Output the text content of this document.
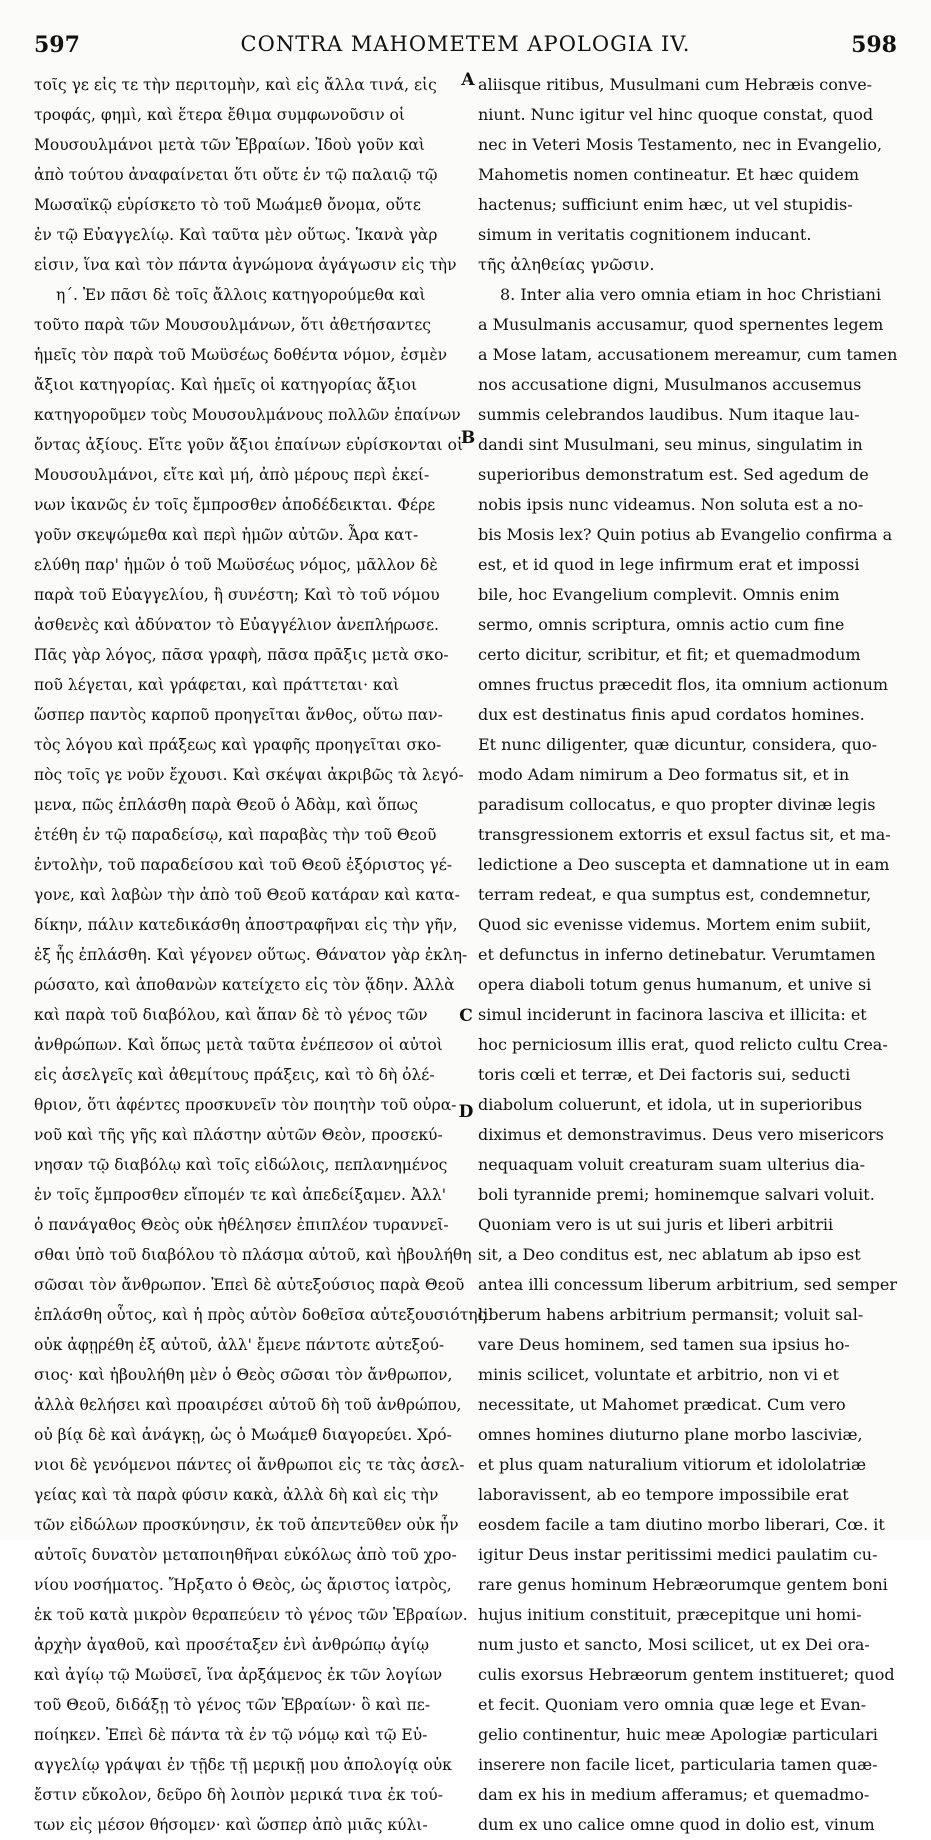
597	CONTRA MAHOMETEM APOLOGIA IV.	598
τοῖς γε εἰς τε τὴν περιτομὴν, καὶ εἰς ἄλλα τινά, εἰς
τροφάς, φημὶ, καὶ ἕτερα ἔθιμα συμφωνοῦσιν οἱ
Μουσουλμάνοι μετὰ τῶν Ἑβραίων. Ἰδοὺ γοῦν καὶ
ἀπὸ τούτου ἀναφαίνεται ὅτι οὔτε ἐν τῷ παλαιῷ τῷ
Μωσαϊκῷ εὑρίσκετο τὸ τοῦ Μωάμεθ ὄνομα, οὔτε
ἐν τῷ Εὐαγγελίῳ. Καὶ ταῦτα μὲν οὕτως. Ἱκανὰ γὰρ
εἰσιν, ἵνα καὶ τὸν πάντα ἀγνώμονα ἀγάγωσιν εἰς τὴν
η΄. Ἐν πᾶσι δὲ τοῖς ἄλλοις κατηγορούμεθα καὶ
τοῦτο παρὰ τῶν Μουσουλμάνων, ὅτι ἀθετήσαντες
ἡμεῖς τὸν παρὰ τοῦ Μωϋσέως δοθέντα νόμον, ἐσμὲν
ἄξιοι κατηγορίας. Καὶ ἡμεῖς οἱ κατηγορίας ἄξιοι
κατηγοροῦμεν τοὺς Μουσουλμάνους πολλῶν ἐπαίνων
ὄντας ἀξίους. Εἴτε γοῦν ἄξιοι ἐπαίνων εὑρίσκονται οἱ
Μουσουλμάνοι, εἴτε καὶ μή, ἀπὸ μέρους περὶ ἐκεί-
νων ἱκανῶς ἐν τοῖς ἔμπροσθεν ἀποδέδεικται. Φέρε
γοῦν σκεψώμεθα καὶ περὶ ἡμῶν αὐτῶν. Ἆρα κατ-
ελύθη παρ' ἡμῶν ὁ τοῦ Μωϋσέως νόμος, μᾶλλον δὲ
παρὰ τοῦ Εὐαγγελίου, ἢ συνέστη; Καὶ τὸ τοῦ νόμου
ἀσθενὲς καὶ ἀδύνατον τὸ Εὐαγγέλιον ἀνεπλήρωσε.
Πᾶς γὰρ λόγος, πᾶσα γραφὴ, πᾶσα πρᾶξις μετὰ σκο-
ποῦ λέγεται, καὶ γράφεται, καὶ πράττεται· καὶ
ὥσπερ παντὸς καρποῦ προηγεῖται ἄνθος, οὕτω παν-
τὸς λόγου καὶ πράξεως καὶ γραφῆς προηγεῖται σκο-
πὸς τοῖς γε νοῦν ἔχουσι. Καὶ σκέψαι ἀκριβῶς τὰ λεγό-
μενα, πῶς ἐπλάσθη παρὰ Θεοῦ ὁ Ἀδὰμ, καὶ ὅπως
ἐτέθη ἐν τῷ παραδείσῳ, καὶ παραβὰς τὴν τοῦ Θεοῦ
ἐντολὴν, τοῦ παραδείσου καὶ τοῦ Θεοῦ ἐξόριστος γέ-
γονε, καὶ λαβὼν τὴν ἀπὸ τοῦ Θεοῦ κατάραν καὶ κατα-
δίκην, πάλιν κατεδικάσθη ἀποστραφῆναι εἰς τὴν γῆν,
ἐξ ἧς ἐπλάσθη. Καὶ γέγονεν οὕτως. Θάνατον γὰρ ἐκλη-
ρώσατο, καὶ ἀποθανὼν κατείχετο εἰς τὸν ᾅδην. Ἀλλὰ
καὶ παρὰ τοῦ διαβόλου, καὶ ἅπαν δὲ τὸ γένος τῶν
ἀνθρώπων. Καὶ ὅπως μετὰ ταῦτα ἐνέπεσον οἱ αὐτοὶ
εἰς ἀσελγεῖς καὶ ἀθεμίτους πράξεις, καὶ τὸ δὴ ὀλέ-
θριον, ὅτι ἀφέντες προσκυνεῖν τὸν ποιητὴν τοῦ οὐρα-
νοῦ καὶ τῆς γῆς καὶ πλάστην αὐτῶν Θεὸν, προσεκύ-
νησαν τῷ διαβόλῳ καὶ τοῖς εἰδώλοις, πεπλανημένος
ἐν τοῖς ἔμπροσθεν εἴπομέν τε καὶ ἀπεδείξαμεν. Ἀλλ'
ὁ πανάγαθος Θεὸς οὐκ ἠθέλησεν ἐπιπλέον τυραννεῖ-
σθαι ὑπὸ τοῦ διαβόλου τὸ πλάσμα αὐτοῦ, καὶ ἠβουλήθη
σῶσαι τὸν ἄνθρωπον. Ἐπεὶ δὲ αὐτεξούσιος παρὰ Θεοῦ
ἐπλάσθη οὗτος, καὶ ἡ πρὸς αὐτὸν δοθεῖσα αὐτεξουσιότης
οὐκ ἀφῃρέθη ἐξ αὐτοῦ, ἀλλ' ἔμενε πάντοτε αὐτεξού-
σιος· καὶ ἠβουλήθη μὲν ὁ Θεὸς σῶσαι τὸν ἄνθρωπον,
ἀλλὰ θελήσει καὶ προαιρέσει αὐτοῦ δὴ τοῦ ἀνθρώπου,
οὐ βίᾳ δὲ καὶ ἀνάγκῃ, ὡς ὁ Μωάμεθ διαγορεύει. Χρό-
νιοι δὲ γενόμενοι πάντες οἱ ἄνθρωποι εἰς τε τὰς ἀσελ-
γείας καὶ τὰ παρὰ φύσιν κακὰ, ἀλλὰ δὴ καὶ εἰς τὴν
τῶν εἰδώλων προσκύνησιν, ἐκ τοῦ ἀπεντεῦθεν οὐκ ἦν
αὐτοῖς δυνατὸν μεταποιηθῆναι εὐκόλως ἀπὸ τοῦ χρο-
νίου νοσήματος. Ἤρξατο ὁ Θεὸς, ὡς ἄριστος ἰατρὸς,
ἐκ τοῦ κατὰ μικρὸν θεραπεύειν τὸ γένος τῶν Ἑβραίων.
ἀρχὴν ἀγαθοῦ, καὶ προσέταξεν ἑνὶ ἀνθρώπῳ ἁγίῳ
καὶ ἀγίῳ τῷ Μωϋσεῖ, ἵνα ἀρξάμενος ἐκ τῶν λογίων
τοῦ Θεοῦ, διδάξῃ τὸ γένος τῶν Ἑβραίων· ὃ καὶ πε-
ποίηκεν. Ἐπεὶ δὲ πάντα τὰ ἐν τῷ νόμῳ καὶ τῷ Εὐ-
αγγελίῳ γράψαι ἐν τῇδε τῇ μερικῇ μου ἀπολογίᾳ οὐκ
ἔστιν εὔκολον, δεῦρο δὴ λοιπὸν μερικά τινα ἐκ τού-
των εἰς μέσον θήσομεν· καὶ ὥσπερ ἀπὸ μιᾶς κύλι-
aliisque ritibus, Musulmani cum Hebræis conve-
niunt. Nunc igitur vel hinc quoque constat, quod
nec in Veteri Mosis Testamento, nec in Evangelio,
Mahometis nomen contineatur. Et hæc quidem
hactenus; sufficiunt enim hæc, ut vel stupidis-
simum in veritatis cognitionem inducant.
τῆς ἀληθείας γνῶσιν.
8. Inter alia vero omnia etiam in hoc Christiani
a Musulmanis accusamur, quod spernentes legem
a Mose latam, accusationem mereamur, cum tamen
nos accusatione digni, Musulmanos accusemus
summis celebrandos laudibus. Num itaque lau-
dandi sint Musulmani, seu minus, singulatim in
superioribus demonstratum est. Sed agedum de
nobis ipsis nunc videamus. Non soluta est a no-
bis Mosis lex? Quin potius ab Evangelio confirma a
est, et id quod in lege infirmum erat et impossi
bile, hoc Evangelium complevit. Omnis enim
sermo, omnis scriptura, omnis actio cum fine
certo dicitur, scribitur, et fit; et quemadmodum
omnes fructus præcedit flos, ita omnium actionum
dux est destinatus finis apud cordatos homines.
Et nunc diligenter, quæ dicuntur, considera, quo-
modo Adam nimirum a Deo formatus sit, et in
paradisum collocatus, e quo propter divinæ legis
transgressionem extorris et exsul factus sit, et ma-
ledictione a Deo suscepta et damnatione ut in eam
terram redeat, e qua sumptus est, condemnetur,
Quod sic evenisse videmus. Mortem enim subiit,
et defunctus in inferno detinebatur. Verumtamen
opera diaboli totum genus humanum, et unive si
simul inciderunt in facinora lasciva et illicita: et
hoc perniciosum illis erat, quod relicto cultu Crea-
toris cœli et terræ, et Dei factoris sui, seducti
diabolum coluerunt, et idola, ut in superioribus
diximus et demonstravimus. Deus vero misericors
nequaquam voluit creaturam suam ulterius dia-
boli tyrannide premi; hominemque salvari voluit.
Quoniam vero is ut sui juris et liberi arbitrii
sit, a Deo conditus est, nec ablatum ab ipso est
antea illi concessum liberum arbitrium, sed semper
liberum habens arbitrium permansit; voluit sal-
vare Deus hominem, sed tamen sua ipsius ho-
minis scilicet, voluntate et arbitrio, non vi et
necessitate, ut Mahomet prædicat. Cum vero
omnes homines diuturno plane morbo lasciviæ,
et plus quam naturalium vitiorum et idololatriæ
laboravissent, ab eo tempore impossibile erat
eosdem facile a tam diutino morbo liberari, Cœ. it
igitur Deus instar peritissimi medici paulatim cu-
rare genus hominum Hebræorumque gentem boni
hujus initium constituit, præcepitque uni homi-
num justo et sancto, Mosi scilicet, ut ex Dei ora-
culis exorsus Hebræorum gentem institueret; quod
et fecit. Quoniam vero omnia quæ lege et Evan-
gelio continentur, huic meæ Apologiæ particulari
inserere non facile licet, particularia tamen quæ-
dam ex his in medium afferamus; et quemadmo-
dum ex uno calice omne quod in dolio est, vinum
A
B
C
D
